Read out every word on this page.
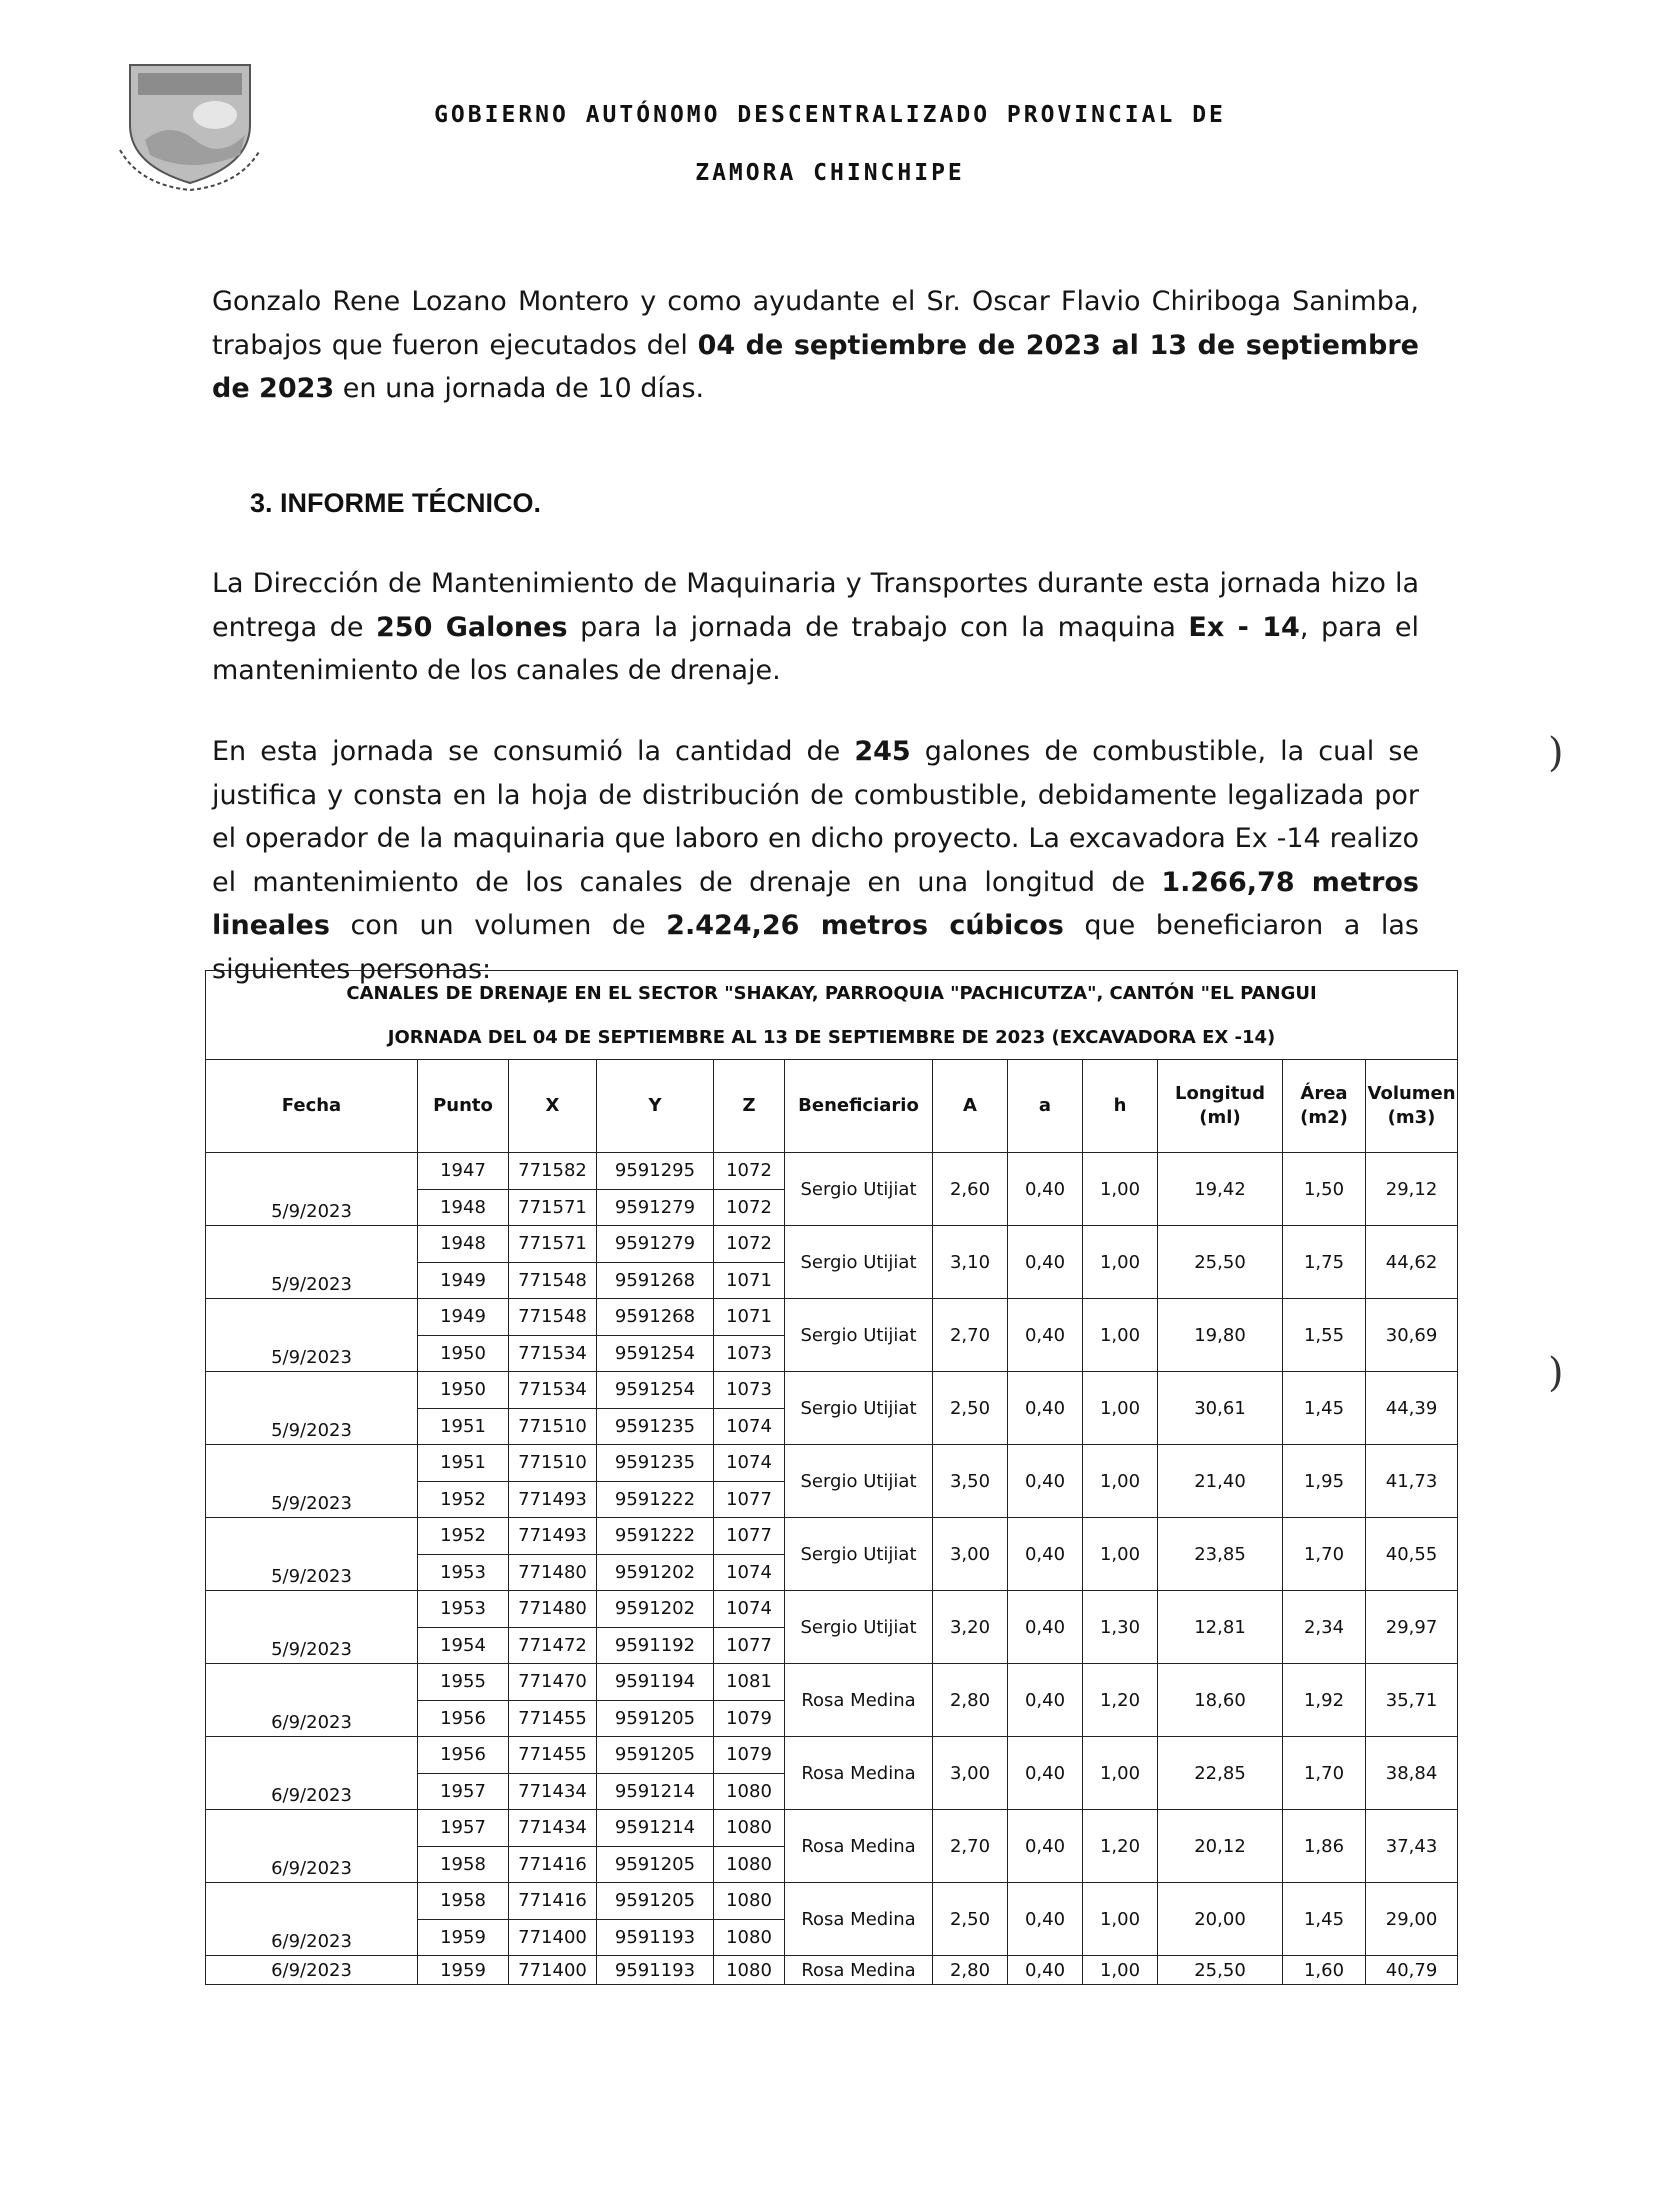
GOBIERNO AUTÓNOMO DESCENTRALIZADO PROVINCIAL DE
ZAMORA CHINCHIPE
Gonzalo Rene Lozano Montero y como ayudante el Sr. Oscar Flavio Chiriboga Sanimba, trabajos que fueron ejecutados del 04 de septiembre de 2023 al 13 de septiembre de 2023 en una jornada de 10 días.
3. INFORME TÉCNICO.
La Dirección de Mantenimiento de Maquinaria y Transportes durante esta jornada hizo la entrega de 250 Galones para la jornada de trabajo con la maquina Ex - 14, para el mantenimiento de los canales de drenaje.
En esta jornada se consumió la cantidad de 245 galones de combustible, la cual se justifica y consta en la hoja de distribución de combustible, debidamente legalizada por el operador de la maquinaria que laboro en dicho proyecto. La excavadora Ex -14 realizo el mantenimiento de los canales de drenaje en una longitud de 1.266,78 metros lineales con un volumen de 2.424,26 metros cúbicos que beneficiaron a las siguientes personas:
)
)
CANALES DE DRENAJE EN EL SECTOR "SHAKAY, PARROQUIA "PACHICUTZA", CANTÓN "EL PANGUI											
JORNADA DEL 04 DE SEPTIEMBRE AL 13 DE SEPTIEMBRE DE 2023 (EXCAVADORA EX -14)											
Fecha	Punto	X	Y	Z	Beneficiario	A	a	h	Longitud (ml)	Área (m2)	Volumen (m3)
5/9/2023	1947	771582	9591295	1072	Sergio Utijiat	2,60	0,40	1,00	19,42	1,50	29,12
	1948	771571	9591279	1072							
5/9/2023	1948	771571	9591279	1072	Sergio Utijiat	3,10	0,40	1,00	25,50	1,75	44,62
	1949	771548	9591268	1071							
5/9/2023	1949	771548	9591268	1071	Sergio Utijiat	2,70	0,40	1,00	19,80	1,55	30,69
	1950	771534	9591254	1073							
5/9/2023	1950	771534	9591254	1073	Sergio Utijiat	2,50	0,40	1,00	30,61	1,45	44,39
	1951	771510	9591235	1074							
5/9/2023	1951	771510	9591235	1074	Sergio Utijiat	3,50	0,40	1,00	21,40	1,95	41,73
	1952	771493	9591222	1077							
5/9/2023	1952	771493	9591222	1077	Sergio Utijiat	3,00	0,40	1,00	23,85	1,70	40,55
	1953	771480	9591202	1074							
5/9/2023	1953	771480	9591202	1074	Sergio Utijiat	3,20	0,40	1,30	12,81	2,34	29,97
	1954	771472	9591192	1077							
6/9/2023	1955	771470	9591194	1081	Rosa Medina	2,80	0,40	1,20	18,60	1,92	35,71
	1956	771455	9591205	1079							
6/9/2023	1956	771455	9591205	1079	Rosa Medina	3,00	0,40	1,00	22,85	1,70	38,84
	1957	771434	9591214	1080							
6/9/2023	1957	771434	9591214	1080	Rosa Medina	2,70	0,40	1,20	20,12	1,86	37,43
	1958	771416	9591205	1080							
6/9/2023	1958	771416	9591205	1080	Rosa Medina	2,50	0,40	1,00	20,00	1,45	29,00
	1959	771400	9591193	1080							
6/9/2023	1959	771400	9591193	1080	Rosa Medina	2,80	0,40	1,00	25,50	1,60	40,79
